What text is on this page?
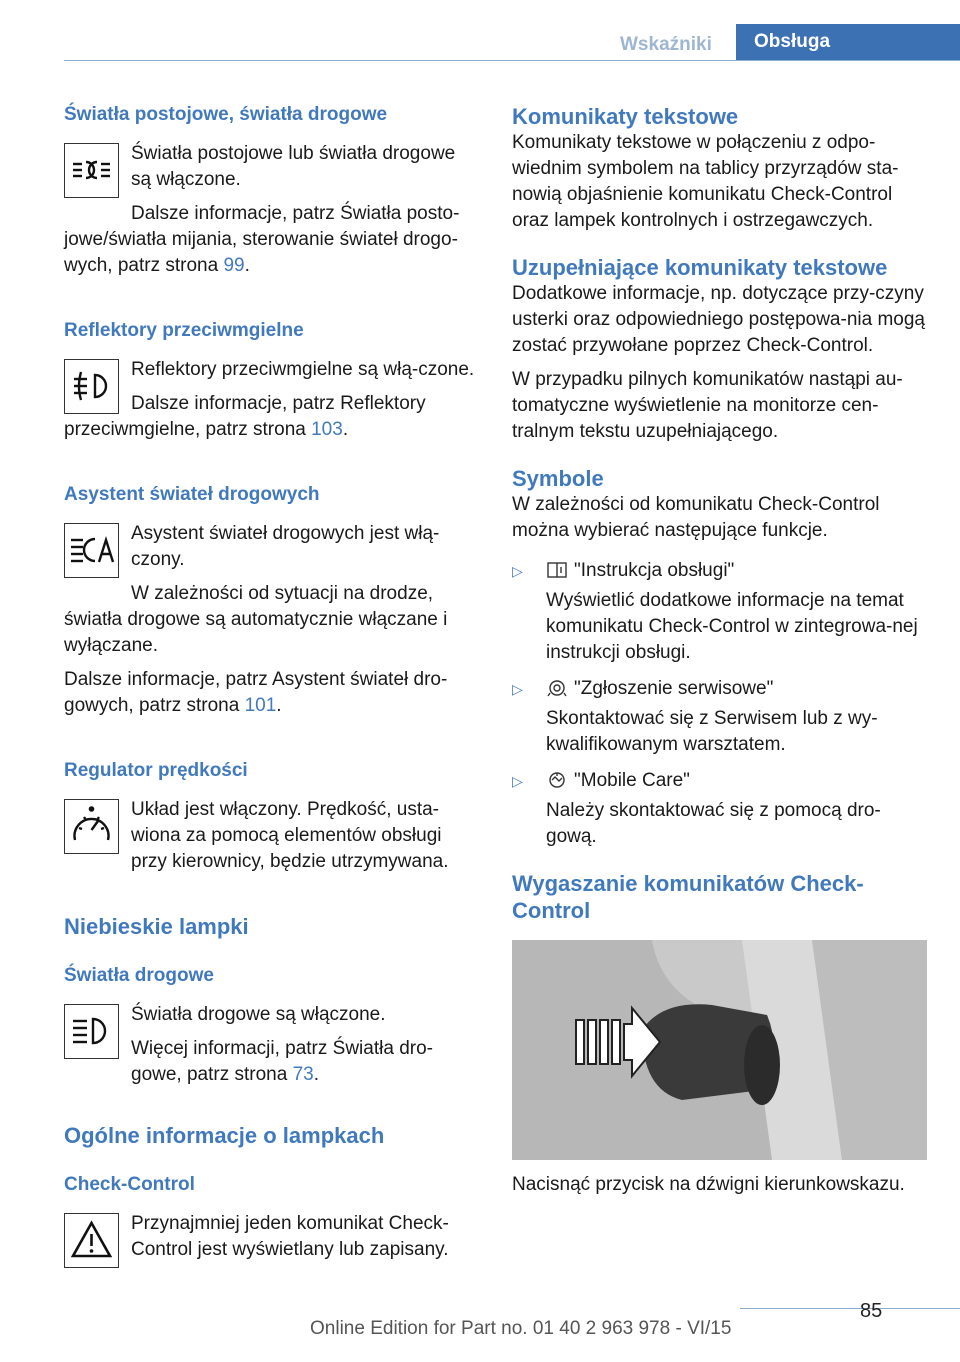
Wskaźniki	Obsługa
Światła postojowe, światła drogowe
Światła postojowe lub światła drogowe są włączone.
Dalsze informacje, patrz Światła posto‐jowe/światła mijania, sterowanie świateł drogo‐wych, patrz strona 99.
Reflektory przeciwmgielne
Reflektory przeciwmgielne są włą‐czone.
Dalsze informacje, patrz Reflektory przeciwmgielne, patrz strona 103.
Asystent świateł drogowych
Asystent świateł drogowych jest włą‐czony.
W zależności od sytuacji na drodze, światła drogowe są automatycznie włączane i wyłączane.
Dalsze informacje, patrz Asystent świateł dro‐gowych, patrz strona 101.
Regulator prędkości
Układ jest włączony. Prędkość, usta‐wiona za pomocą elementów obsługi przy kierownicy, będzie utrzymywana.
Niebieskie lampki
Światła drogowe
Światła drogowe są włączone.
Więcej informacji, patrz Światła dro‐gowe, patrz strona 73.
Ogólne informacje o lampkach
Check-Control
Przynajmniej jeden komunikat Check-Control jest wyświetlany lub zapisany.
Komunikaty tekstowe
Komunikaty tekstowe w połączeniu z odpo‐wiednim symbolem na tablicy przyrządów sta‐nowią objaśnienie komunikatu Check-Control oraz lampek kontrolnych i ostrzegawczych.
Uzupełniające komunikaty tekstowe
Dodatkowe informacje, np. dotyczące przy‐czyny usterki oraz odpowiedniego postępowa‐nia mogą zostać przywołane poprzez Check-Control.
W przypadku pilnych komunikatów nastąpi au‐tomatyczne wyświetlenie na monitorze cen‐tralnym tekstu uzupełniającego.
Symbole
W zależności od komunikatu Check-Control można wybierać następujące funkcje.
▷	"Instrukcja obsługi"
Wyświetlić dodatkowe informacje na temat komunikatu Check-Control w zintegrowa‐nej instrukcji obsługi.
▷	"Zgłoszenie serwisowe"
Skontaktować się z Serwisem lub z wy‐kwalifikowanym warsztatem.
▷	"Mobile Care"
Należy skontaktować się z pomocą dro‐gową.
Wygaszanie komunikatów Check-Control
Nacisnąć przycisk na dźwigni kierunkowskazu.
85
Online Edition for Part no. 01 40 2 963 978 - VI/15
